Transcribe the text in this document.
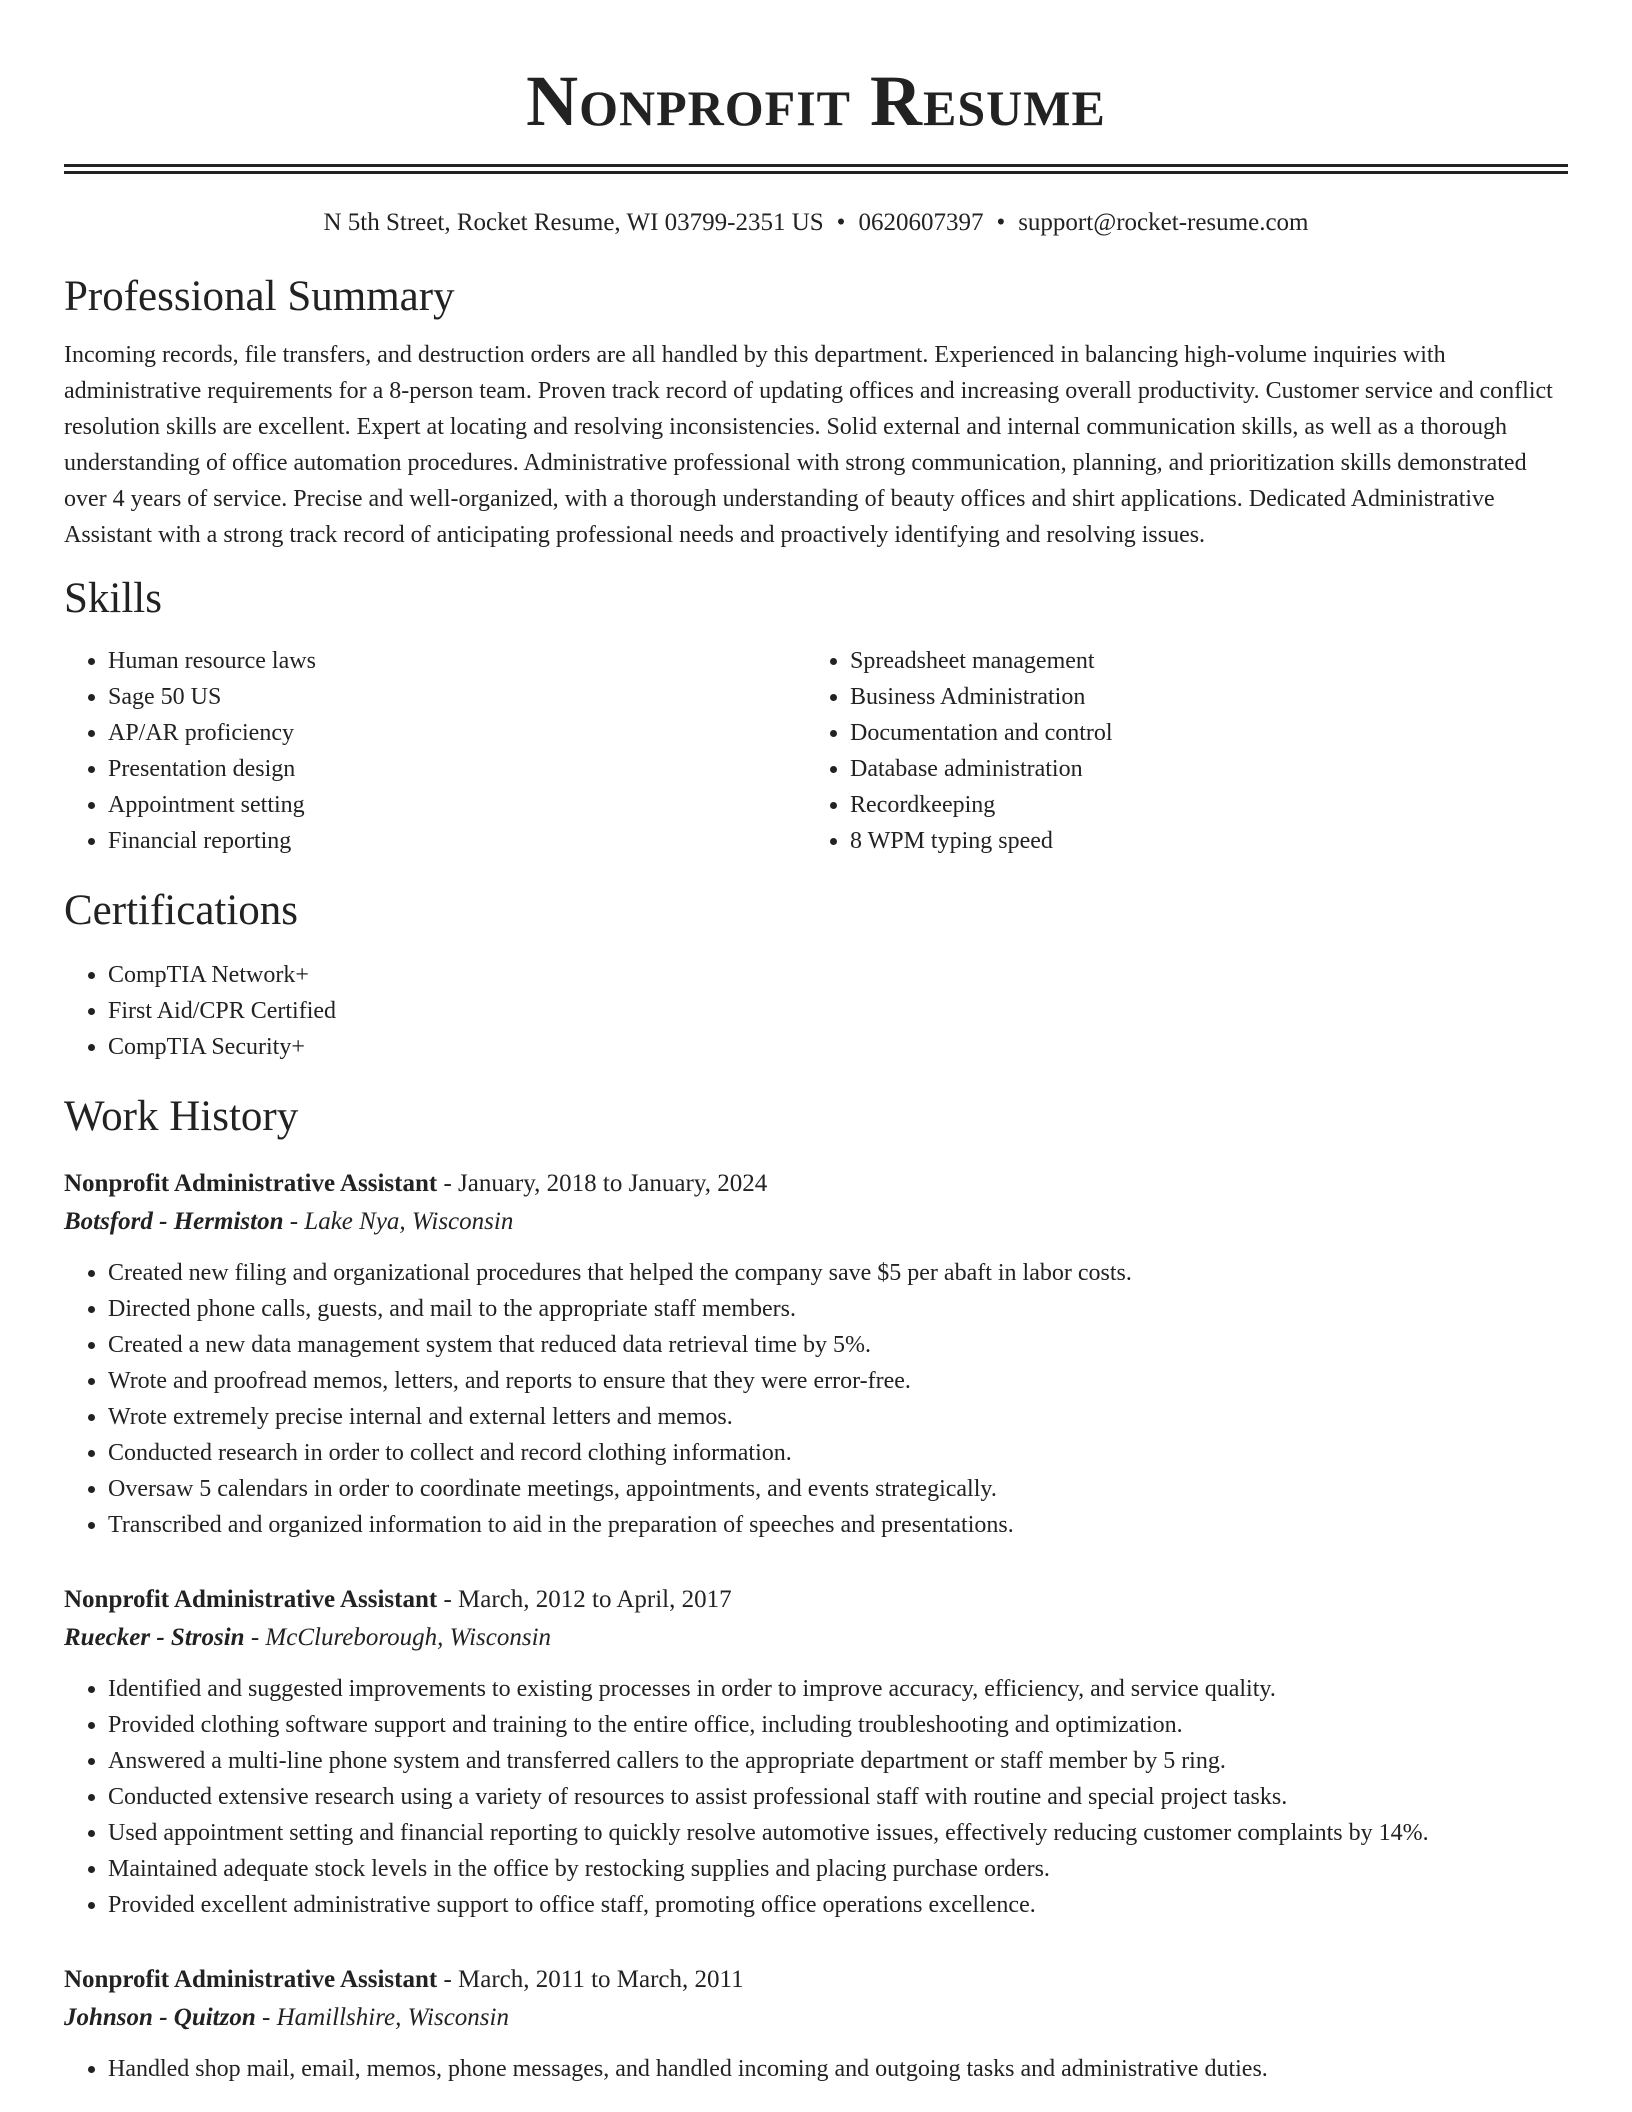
Nonprofit Resume
N 5th Street, Rocket Resume, WI 03799-2351 US • 0620607397 • support@rocket-resume.com
Professional Summary

Incoming records, file transfers, and destruction orders are all handled by this department. Experienced in balancing high-volume inquiries with administrative requirements for a 8-person team. Proven track record of updating offices and increasing overall productivity. Customer service and conflict resolution skills are excellent. Expert at locating and resolving inconsistencies. Solid external and internal communication skills, as well as a thorough understanding of office automation procedures. Administrative professional with strong communication, planning, and prioritization skills demonstrated over 4 years of service. Precise and well-organized, with a thorough understanding of beauty offices and shirt applications. Dedicated Administrative Assistant with a strong track record of anticipating professional needs and proactively identifying and resolving issues.

Skills
• Human resource laws
• Sage 50 US
• AP/AR proficiency
• Presentation design
• Appointment setting
• Financial reporting
• Spreadsheet management
• Business Administration
• Documentation and control
• Database administration
• Recordkeeping
• 8 WPM typing speed
Certifications
• CompTIA Network+
• First Aid/CPR Certified
• CompTIA Security+
Work History
Nonprofit Administrative Assistant - January, 2018 to January, 2024
Botsford - Hermiston - Lake Nya, Wisconsin
• Created new filing and organizational procedures that helped the company save $5 per abaft in labor costs.
• Directed phone calls, guests, and mail to the appropriate staff members.
• Created a new data management system that reduced data retrieval time by 5%.
• Wrote and proofread memos, letters, and reports to ensure that they were error-free.
• Wrote extremely precise internal and external letters and memos.
• Conducted research in order to collect and record clothing information.
• Oversaw 5 calendars in order to coordinate meetings, appointments, and events strategically.
• Transcribed and organized information to aid in the preparation of speeches and presentations.
Nonprofit Administrative Assistant - March, 2012 to April, 2017
Ruecker - Strosin - McClureborough, Wisconsin
• Identified and suggested improvements to existing processes in order to improve accuracy, efficiency, and service quality.
• Provided clothing software support and training to the entire office, including troubleshooting and optimization.
• Answered a multi-line phone system and transferred callers to the appropriate department or staff member by 5 ring.
• Conducted extensive research using a variety of resources to assist professional staff with routine and special project tasks.
• Used appointment setting and financial reporting to quickly resolve automotive issues, effectively reducing customer complaints by 14%.
• Maintained adequate stock levels in the office by restocking supplies and placing purchase orders.
• Provided excellent administrative support to office staff, promoting office operations excellence.
Nonprofit Administrative Assistant - March, 2011 to March, 2011
Johnson - Quitzon - Hamillshire, Wisconsin
• Handled shop mail, email, memos, phone messages, and handled incoming and outgoing tasks and administrative duties.
